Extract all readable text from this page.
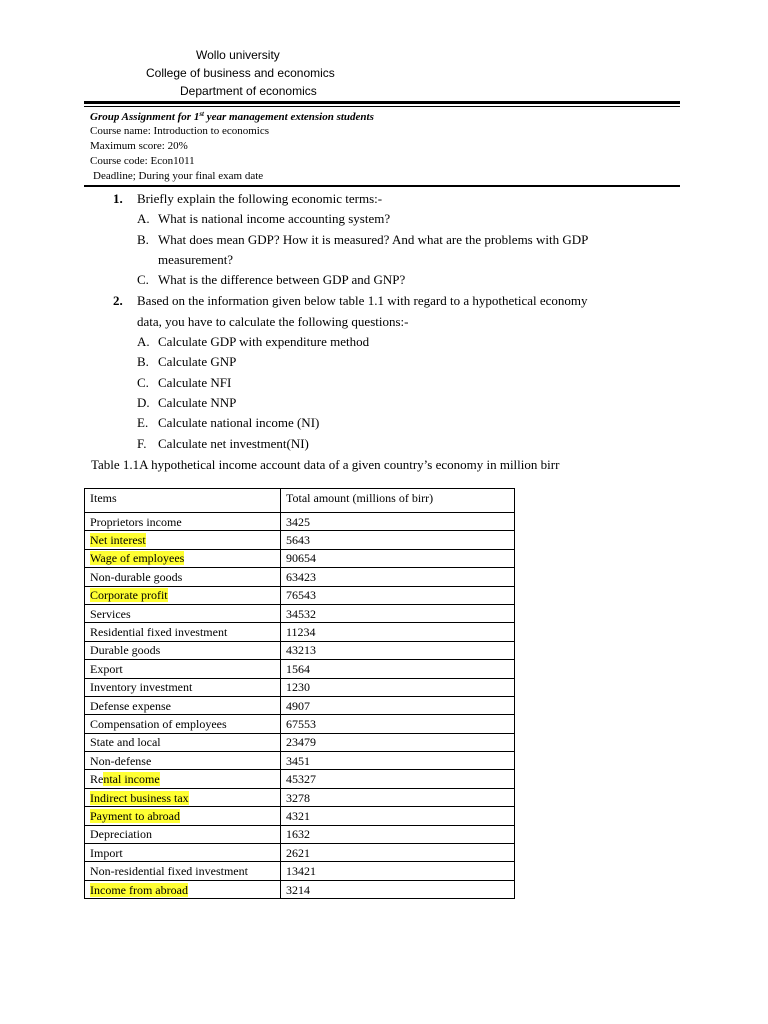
Wollo university
College of business and economics
Department of economics
Group Assignment for 1st year management extension students
Course name: Introduction to economics
Maximum score: 20%
Course code: Econ1011
Deadline; During your final exam date
1. Briefly explain the following economic terms:-
A. What is national income accounting system?
B. What does mean GDP? How it is measured? And what are the problems with GDP
measurement?
C. What is the difference between GDP and GNP?
2. Based on the information given below table 1.1 with regard to a hypothetical economy
data, you have to calculate the following questions:-
A. Calculate GDP with expenditure method
B. Calculate GNP
C. Calculate NFI
D. Calculate NNP
E. Calculate national income (NI)
F. Calculate net investment(NI)
Table 1.1A hypothetical income account data of a given country’s economy in million birr
Items	Total amount (millions of birr)
Proprietors income	3425
Net interest	5643
Wage of employees	90654
Non-durable goods	63423
Corporate profit	76543
Services	34532
Residential fixed investment	11234
Durable goods	43213
Export	1564
Inventory investment	1230
Defense expense	4907
Compensation of employees	67553
State and local	23479
Non-defense	3451
Rental income	45327
Indirect business tax	3278
Payment to abroad	4321
Depreciation	1632
Import	2621
Non-residential fixed investment	13421
Income from abroad	3214
